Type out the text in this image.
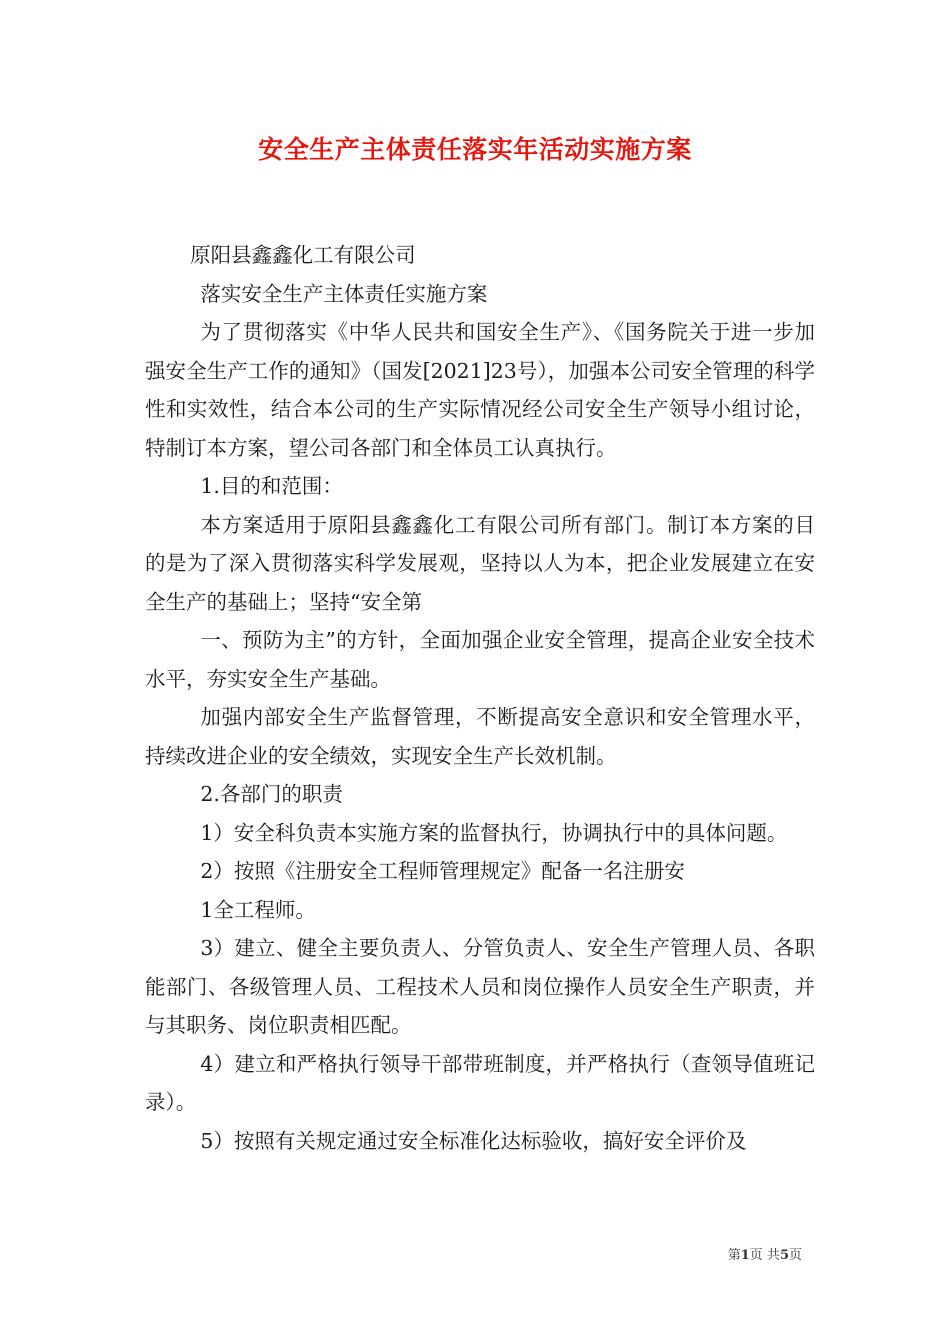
安全生产主体责任落实年活动实施方案

原阳县鑫鑫化工有限公司

落实安全生产主体责任实施方案

为了贯彻落实《中华人民共和国安全生产》、《国务院关于进一步加强安全生产工作的通知》（国发[2021]23号），加强本公司安全管理的科学性和实效性，结合本公司的生产实际情况经公司安全生产领导小组讨论，特制订本方案，望公司各部门和全体员工认真执行。

1.目的和范围：

本方案适用于原阳县鑫鑫化工有限公司所有部门。制订本方案的目的是为了深入贯彻落实科学发展观，坚持以人为本，把企业发展建立在安全生产的基础上；坚持“安全第

一、预防为主”的方针，全面加强企业安全管理，提高企业安全技术水平，夯实安全生产基础。

加强内部安全生产监督管理，不断提高安全意识和安全管理水平，持续改进企业的安全绩效，实现安全生产长效机制。

2.各部门的职责

1）安全科负责本实施方案的监督执行，协调执行中的具体问题。

2）按照《注册安全工程师管理规定》配备一名注册安

1全工程师。

3）建立、健全主要负责人、分管负责人、安全生产管理人员、各职能部门、各级管理人员、工程技术人员和岗位操作人员安全生产职责，并与其职务、岗位职责相匹配。

4）建立和严格执行领导干部带班制度，并严格执行（查领导值班记录）。

5）按照有关规定通过安全标准化达标验收，搞好安全评价及

第1页 共5页
